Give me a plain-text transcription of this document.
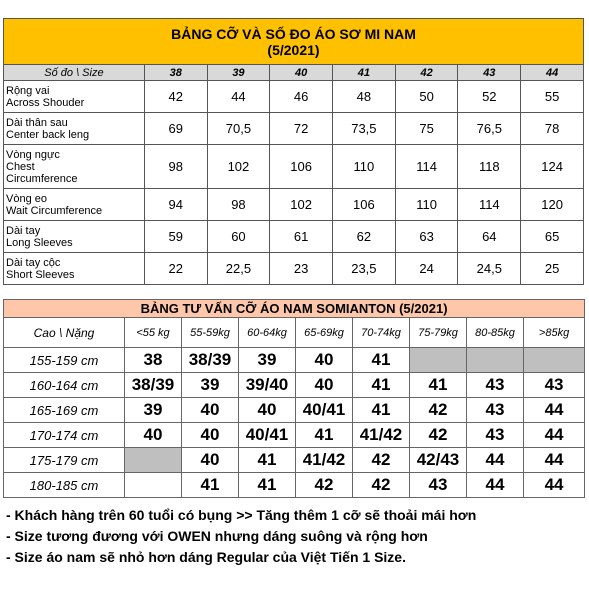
BẢNG CỠ VÀ SỐ ĐO ÁO SƠ MI NAM
(5/2021)							

Số đo \ Size	38	39	40	41	42	43	44

Rộng vai
Across Shouder	42	44	46	48	50	52	55

Dài thân sau
Center back leng	69	70,5	72	73,5	75	76,5	78

Vòng ngực
Chest
Circumference	98	102	106	110	114	118	124

Vòng eo
Wait Circumference	94	98	102	106	110	114	120

Dài tay
Long Sleeves	59	60	61	62	63	64	65

Dài tay cộc
Short Sleeves	22	22,5	23	23,5	24	24,5	25
BẢNG TƯ VẤN CỠ ÁO NAM SOMIANTON (5/2021)								
Cao \ Nặng	<55 kg	55-59kg	60-64kg	65-69kg	70-74kg	75-79kg	80-85kg	>85kg
155-159 cm	38	38/39	39	40	41			
160-164 cm	38/39	39	39/40	40	41	41	43	43
165-169 cm	39	40	40	40/41	41	42	43	44
170-174 cm	40	40	40/41	41	41/42	42	43	44
175-179 cm		40	41	41/42	42	42/43	44	44
180-185 cm		41	41	42	42	43	44	44
- Khách hàng trên 60 tuổi có bụng >> Tăng thêm 1 cỡ sẽ thoải mái hơn
- Size tương đương với OWEN nhưng dáng suông và rộng hơn
- Size áo nam sẽ nhỏ hơn dáng Regular của Việt Tiến 1 Size.
